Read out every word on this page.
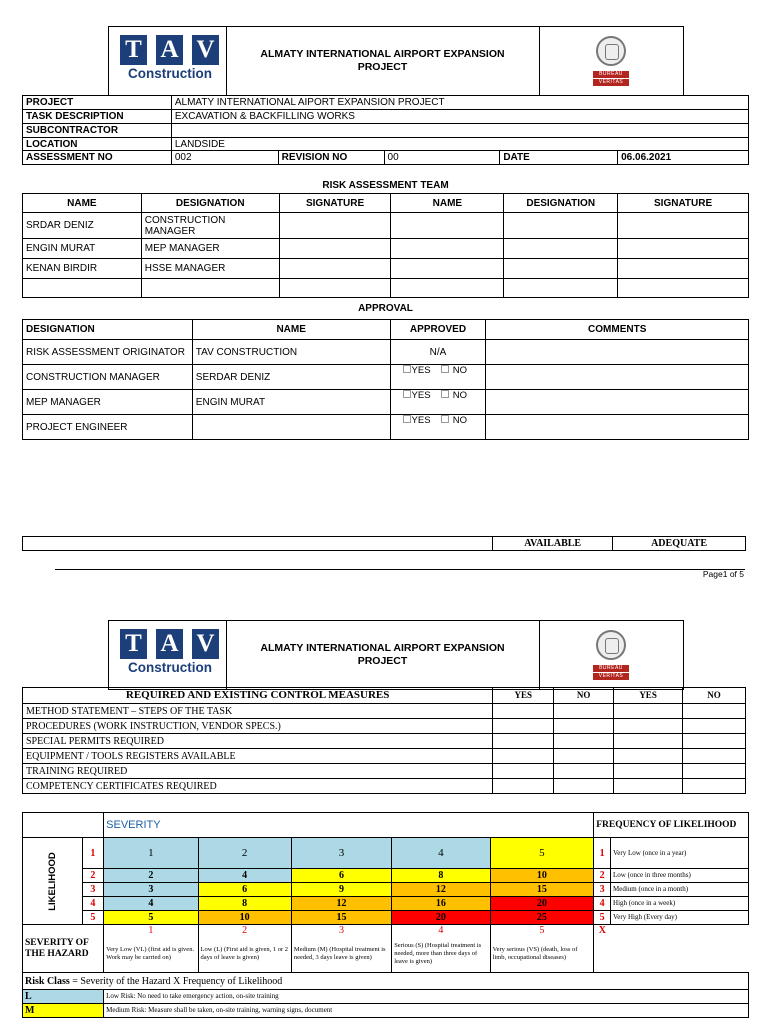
T A V
Construction
ALMATY INTERNATIONAL AIRPORT EXPANSION
PROJECT
BUREAU
VERITAS
PROJECT	ALMATY INTERNATIONAL AIPORT EXPANSION PROJECT				
TASK DESCRIPTION	EXCAVATION & BACKFILLING WORKS				
SUBCONTRACTOR					
LOCATION	LANDSIDE				
ASSESSMENT NO	002	REVISION NO	00	DATE	06.06.2021
RISK ASSESSMENT TEAM
NAME	DESIGNATION	SIGNATURE	NAME	DESIGNATION	SIGNATURE
SRDAR DENIZ	CONSTRUCTION MANAGER				
ENGIN MURAT	MEP MANAGER				
KENAN BIRDIR	HSSE MANAGER				

APPROVAL
DESIGNATION	NAME	APPROVED	COMMENTS
RISK ASSESSMENT ORIGINATOR	TAV CONSTRUCTION	N/A	
CONSTRUCTION MANAGER	SERDAR DENIZ	YES NO	
MEP MANAGER	ENGIN MURAT	YES NO	
PROJECT ENGINEER		YES NO	
	AVAILABLE	ADEQUATE
Page1 of 5
T A V
Construction
ALMATY INTERNATIONAL AIRPORT EXPANSION
PROJECT
BUREAU
VERITAS
REQUIRED AND EXISTING CONTROL MEASURES	YES	NO	YES	NO
METHOD STATEMENT – STEPS OF THE TASK				
PROCEDURES (WORK INSTRUCTION, VENDOR SPECS.)				
SPECIAL PERMITS REQUIRED				
EQUIPMENT / TOOLS REGISTERS AVAILABLE				
TRAINING REQUIRED				
COMPETENCY CERTIFICATES REQUIRED				
		SEVERITY					FREQUENCY OF LIKELIHOOD	

LIKELIHOOD	1	1	2	3	4	5	1	Very Low (once in a year)
	2	2	4	6	8	10	2	Low (once in three months)
	3	3	6	9	12	15	3	Medium (once in a month)
	4	4	8	12	16	20	4	High (once in a week)
	5	5	10	15	20	25	5	Very High (Every day)
SEVERITY OF THE HAZARD		1	2	3	4	5	X	
		Very Low (VL) (first aid is given. Work may be carried on)	Low (L) (First aid is given, 1 or 2 days of leave is given)	Medium (M) (Hospital treatment is needed, 3 days leave is given)	Serious (S) (Hospital treatment is needed, more than three days of leave is given)	Very serious (VS) (death, loss of limb, occupational diseases)		
Risk Class = Severity of the Hazard X Frequency of Likelihood								
L		Low Risk: No need to take emergency action, on-site training						
M		Medium Risk: Measure shall be taken, on-site training, warning signs, document						
